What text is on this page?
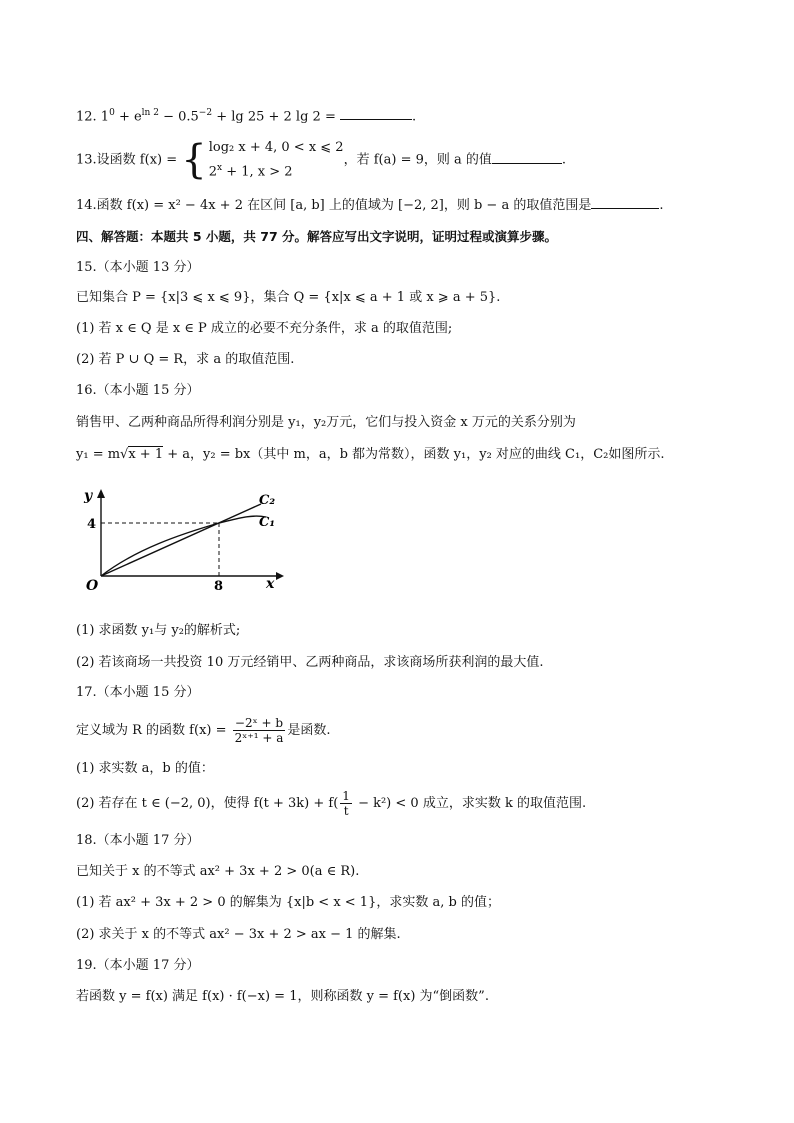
12. $1^0 + e^{ln 2} - 0.5^{-2} + \lg 25 + 2$ lg 2 =	.
13.设函数 f(x) = { log₂ x + 4, 0 < x ⩽ 2
$2^x + 1$, x > 2
，若 f(a) = 9，则 a 的值	.
14.函数 f(x) = x² − 4x + 2 在区间 [a, b] 上的值域为 [−2, 2]，则 b − a 的取值范围是	.
四、解答题：本题共 5 小题，共 77 分。解答应写出文字说明，证明过程或演算步骤。
15.（本小题 13 分）
已知集合 P = {x|3 ⩽ x ⩽ 9}，集合 Q = {x|x ⩽ a + 1 或 x ⩾ a + 5}.
(1) 若 x ∈ Q 是 x ∈ P 成立的必要不充分条件，求 a 的取值范围;
(2) 若 P ∪ Q = R，求 a 的取值范围.
16.（本小题 15 分）
销售甲、乙两种商品所得利润分别是 y₁，y₂万元，它们与投入资金 x 万元的关系分别为
y₁ = m√x + 1 + a，y₂ = bx（其中 m，a，b 都为常数），函数 y₁，y₂ 对应的曲线 C₁，C₂如图所示.
y
x
O
4
8
C₂
C₁
(1) 求函数 y₁与 y₂的解析式;
(2) 若该商场一共投资 10 万元经销甲、乙两种商品，求该商场所获利润的最大值.
17.（本小题 15 分）
定义域为 R 的函数 $f(x) = \frac{\text{−2ˣ + b}}{\text{2ˣ⁺¹ + a}}$ 是函数.
(1) 求实数 a，b 的值：
(2) 若存在 t ∈ (−2, 0)，使得 $f(t + 3k) + f( \frac{1}{t} - k^2) < 0$ 成立，求实数 k 的取值范围.
18.（本小题 17 分）
已知关于 x 的不等式 ax² + 3x + 2 > 0(a ∈ R).
(1) 若 ax² + 3x + 2 > 0 的解集为 {x|b < x < 1}，求实数 a, b 的值；
(2) 求关于 x 的不等式 ax² − 3x + 2 > ax − 1 的解集.
19.（本小题 17 分）
若函数 y = f(x) 满足 f(x) · f(−x) = 1，则称函数 y = f(x) 为“倒函数”.
